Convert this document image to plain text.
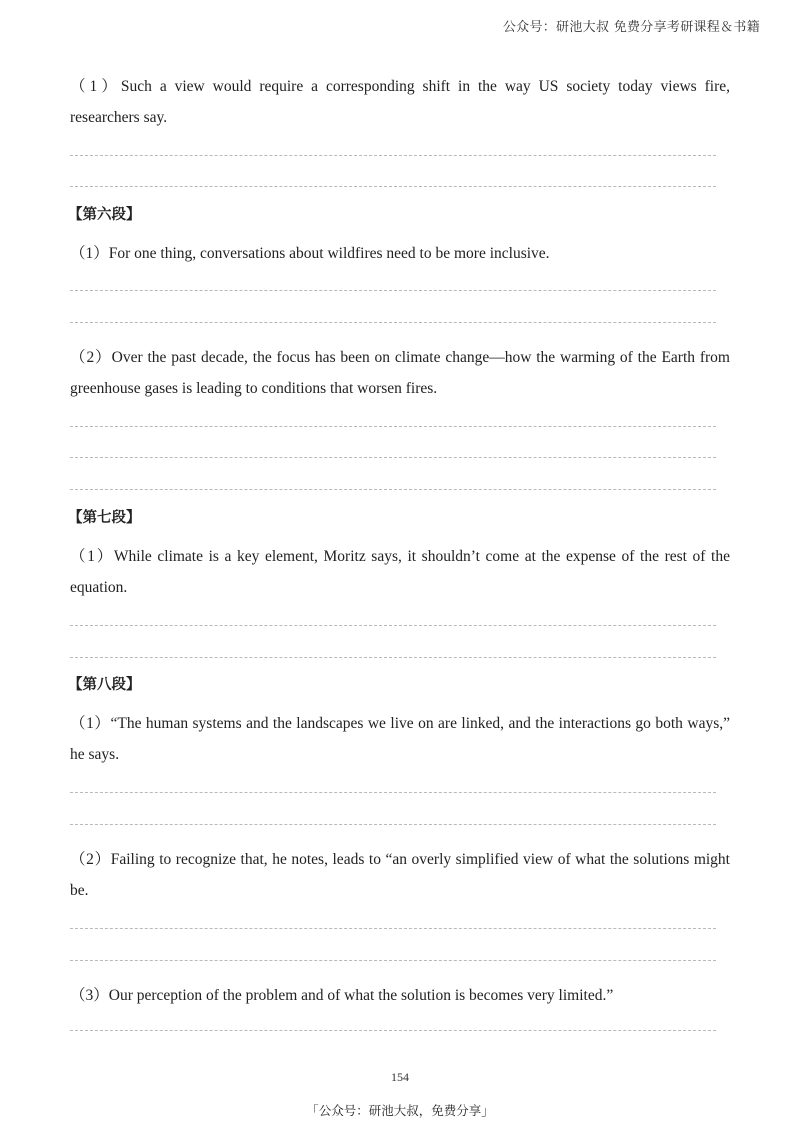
公众号：研池大叔 免费分享考研课程＆书籍

（1）Such a view would require a corresponding shift in the way US society today views fire, researchers say.

【第六段】

（1）For one thing, conversations about wildfires need to be more inclusive.

（2）Over the past decade, the focus has been on climate change—how the warming of the Earth from greenhouse gases is leading to conditions that worsen fires.

【第七段】

（1）While climate is a key element, Moritz says, it shouldn’t come at the expense of the rest of the equation.

【第八段】

（1）“The human systems and the landscapes we live on are linked, and the interactions go both ways,” he says.

（2）Failing to recognize that, he notes, leads to “an overly simplified view of what the solutions might be.

（3）Our perception of the problem and of what the solution is becomes very limited.”

154
「公众号：研池大叔，免费分享」
